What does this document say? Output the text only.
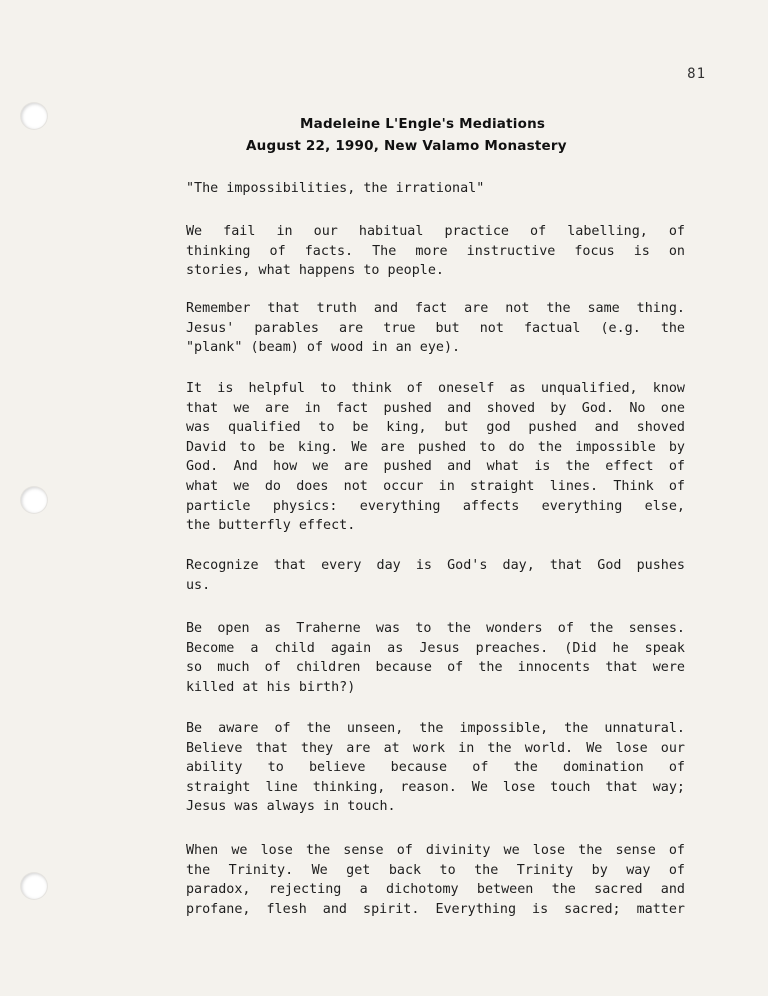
81
Madeleine L'Engle's Mediations
August 22, 1990, New Valamo Monastery
"The impossibilities, the irrational"
We fail in our habitual practice of labelling, of
thinking of facts. The more instructive focus is on
stories, what happens to people.
Remember that truth and fact are not the same thing.
Jesus' parables are true but not factual (e.g. the
"plank" (beam) of wood in an eye).
It is helpful to think of oneself as unqualified, know
that we are in fact pushed and shoved by God. No one
was qualified to be king, but god pushed and shoved
David to be king. We are pushed to do the impossible by
God. And how we are pushed and what is the effect of
what we do does not occur in straight lines. Think of
particle physics: everything affects everything else,
the butterfly effect.
Recognize that every day is God's day, that God pushes
us.
Be open as Traherne was to the wonders of the senses.
Become a child again as Jesus preaches. (Did he speak
so much of children because of the innocents that were
killed at his birth?)
Be aware of the unseen, the impossible, the unnatural.
Believe that they are at work in the world. We lose our
ability to believe because of the domination of
straight line thinking, reason. We lose touch that way;
Jesus was always in touch.
When we lose the sense of divinity we lose the sense of
the Trinity. We get back to the Trinity by way of
paradox, rejecting a dichotomy between the sacred and
profane, flesh and spirit. Everything is sacred; matter
